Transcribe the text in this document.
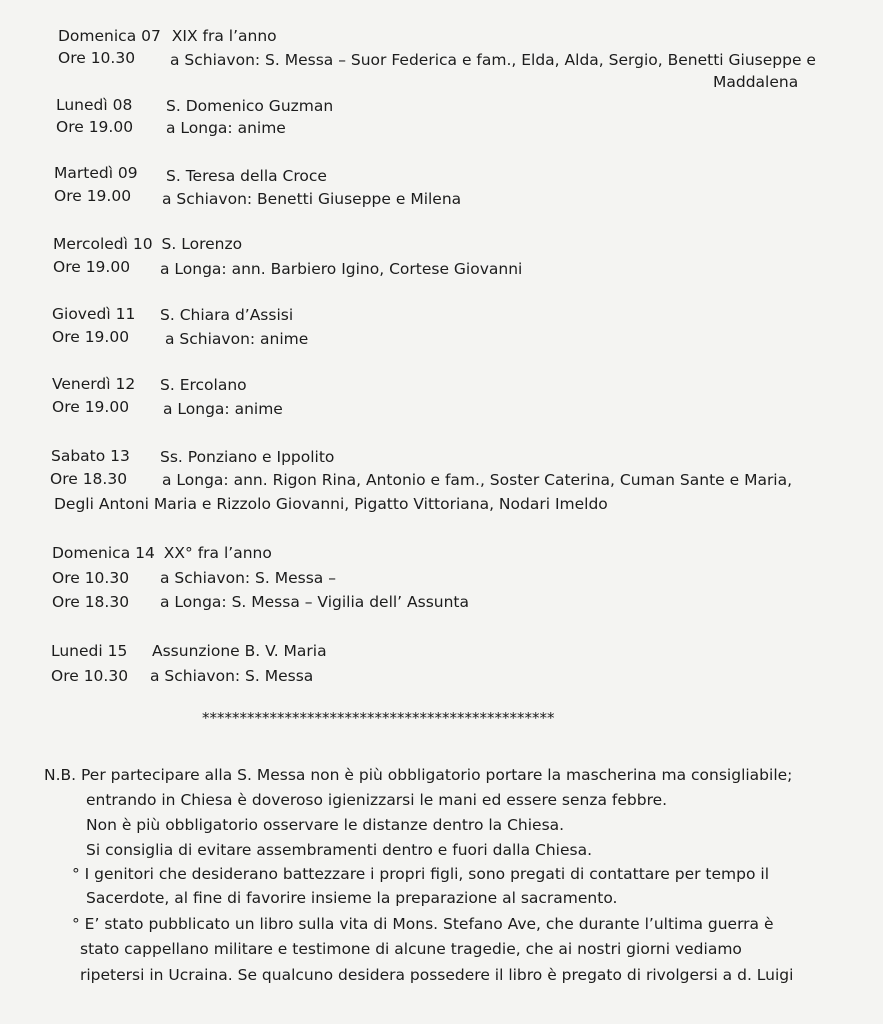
Domenica 07 XIX fra l’anno
Ore 10.30 a Schiavon: S. Messa – Suor Federica e fam., Elda, Alda, Sergio, Benetti Giuseppe e
Maddalena
Lunedì 08 S. Domenico Guzman
Ore 19.00 a Longa: anime
Martedì 09 S. Teresa della Croce
Ore 19.00 a Schiavon: Benetti Giuseppe e Milena
Mercoledì 10 S. Lorenzo
Ore 19.00 a Longa: ann. Barbiero Igino, Cortese Giovanni
Giovedì 11 S. Chiara d’Assisi
Ore 19.00 a Schiavon: anime
Venerdì 12 S. Ercolano
Ore 19.00 a Longa: anime
Sabato 13 Ss. Ponziano e Ippolito
Ore 18.30 a Longa: ann. Rigon Rina, Antonio e fam., Soster Caterina, Cuman Sante e Maria,
Degli Antoni Maria e Rizzolo Giovanni, Pigatto Vittoriana, Nodari Imeldo
Domenica 14 XX° fra l’anno
Ore 10.30 a Schiavon: S. Messa –
Ore 18.30 a Longa: S. Messa – Vigilia dell’ Assunta
Lunedi 15 Assunzione B. V. Maria
Ore 10.30 a Schiavon: S. Messa
***********************************************
N.B. Per partecipare alla S. Messa non è più obbligatorio portare la mascherina ma consigliabile;
entrando in Chiesa è doveroso igienizzarsi le mani ed essere senza febbre.
Non è più obbligatorio osservare le distanze dentro la Chiesa.
Si consiglia di evitare assembramenti dentro e fuori dalla Chiesa.
° I genitori che desiderano battezzare i propri figli, sono pregati di contattare per tempo il
Sacerdote, al fine di favorire insieme la preparazione al sacramento.
° E’ stato pubblicato un libro sulla vita di Mons. Stefano Ave, che durante l’ultima guerra è
stato cappellano militare e testimone di alcune tragedie, che ai nostri giorni vediamo
ripetersi in Ucraina. Se qualcuno desidera possedere il libro è pregato di rivolgersi a d. Luigi
